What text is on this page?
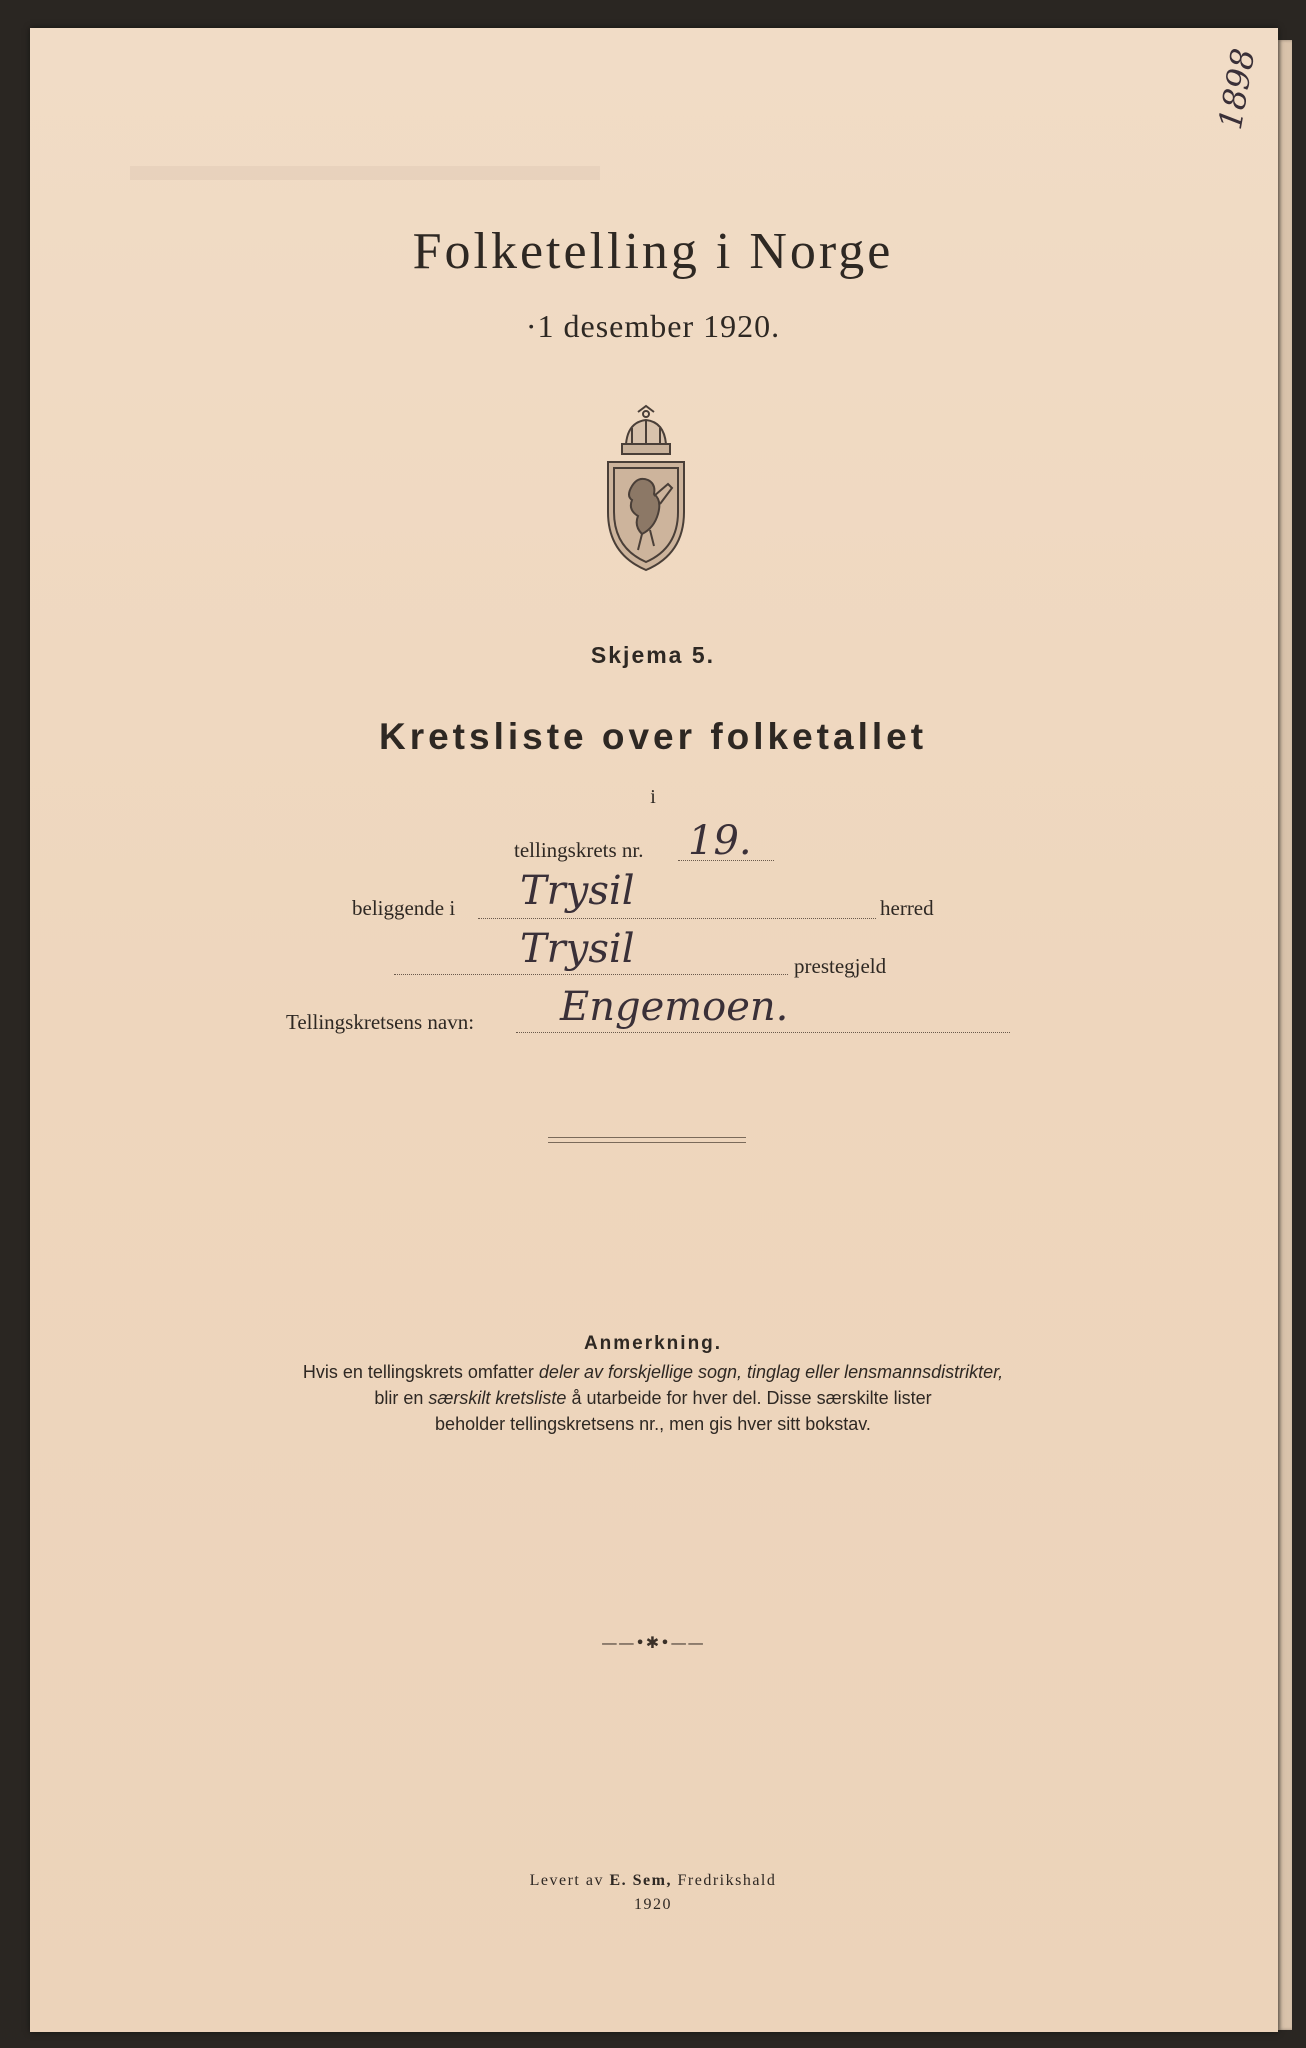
1898
Folketelling i Norge
·1 desember 1920.
Skjema 5.
Kretsliste over folketallet
i
tellingskrets nr. 19.
beliggende i Trysil	herred
Trysil	prestegjeld
Tellingskretsens navn: Engemoen.
Anmerkning.
Hvis en tellingskrets omfatter deler av forskjellige sogn, tinglag eller lensmannsdistrikter,
blir en særskilt kretsliste å utarbeide for hver del. Disse særskilte lister
beholder tellingskretsens nr., men gis hver sitt bokstav.
——•✱•——
Levert av E. Sem, Fredrikshald
1920
